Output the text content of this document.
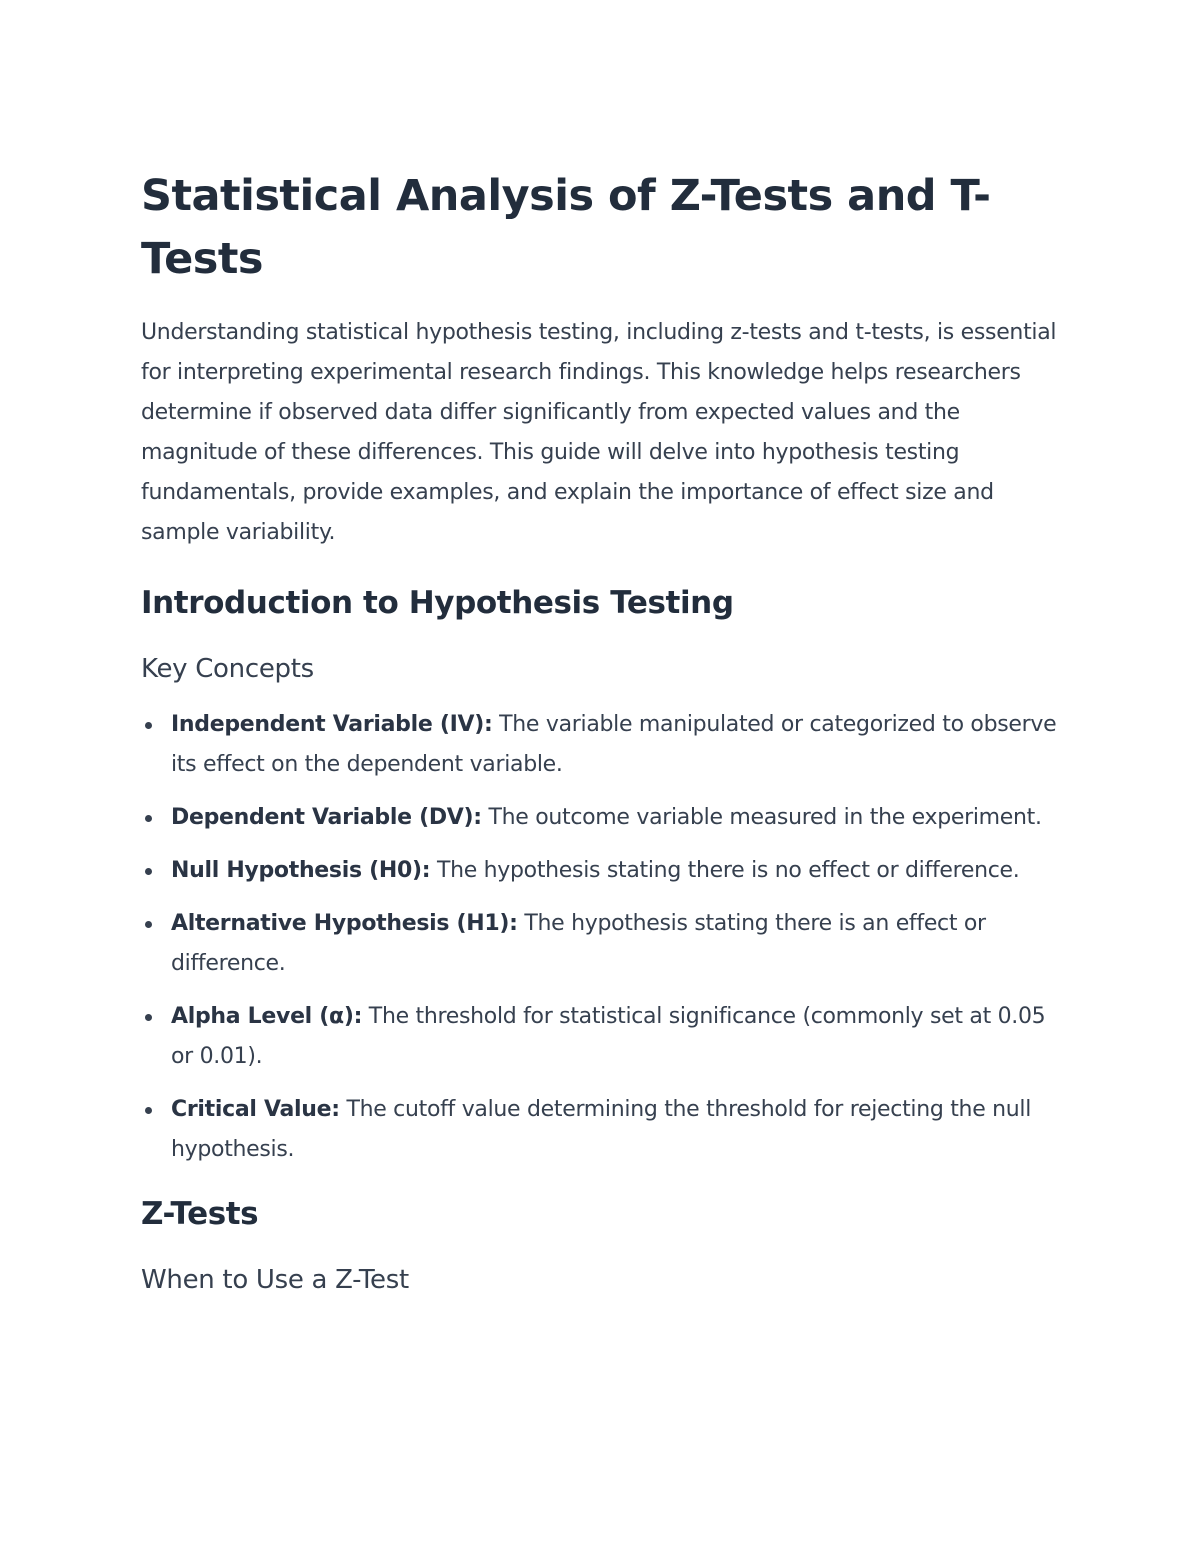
Statistical Analysis of Z-Tests and T-Tests

Understanding statistical hypothesis testing, including z-tests and t-tests, is essential for interpreting experimental research findings. This knowledge helps researchers determine if observed data differ significantly from expected values and the magnitude of these differences. This guide will delve into hypothesis testing fundamentals, provide examples, and explain the importance of effect size and sample variability.

Introduction to Hypothesis Testing
Key Concepts
Independent Variable (IV): The variable manipulated or categorized to observe its effect on the dependent variable.
Dependent Variable (DV): The outcome variable measured in the experiment.
Null Hypothesis (H0): The hypothesis stating there is no effect or difference.
Alternative Hypothesis (H1): The hypothesis stating there is an effect or difference.
Alpha Level (α): The threshold for statistical significance (commonly set at 0.05 or 0.01).
Critical Value: The cutoff value determining the threshold for rejecting the null hypothesis.
Z-Tests
When to Use a Z-Test
